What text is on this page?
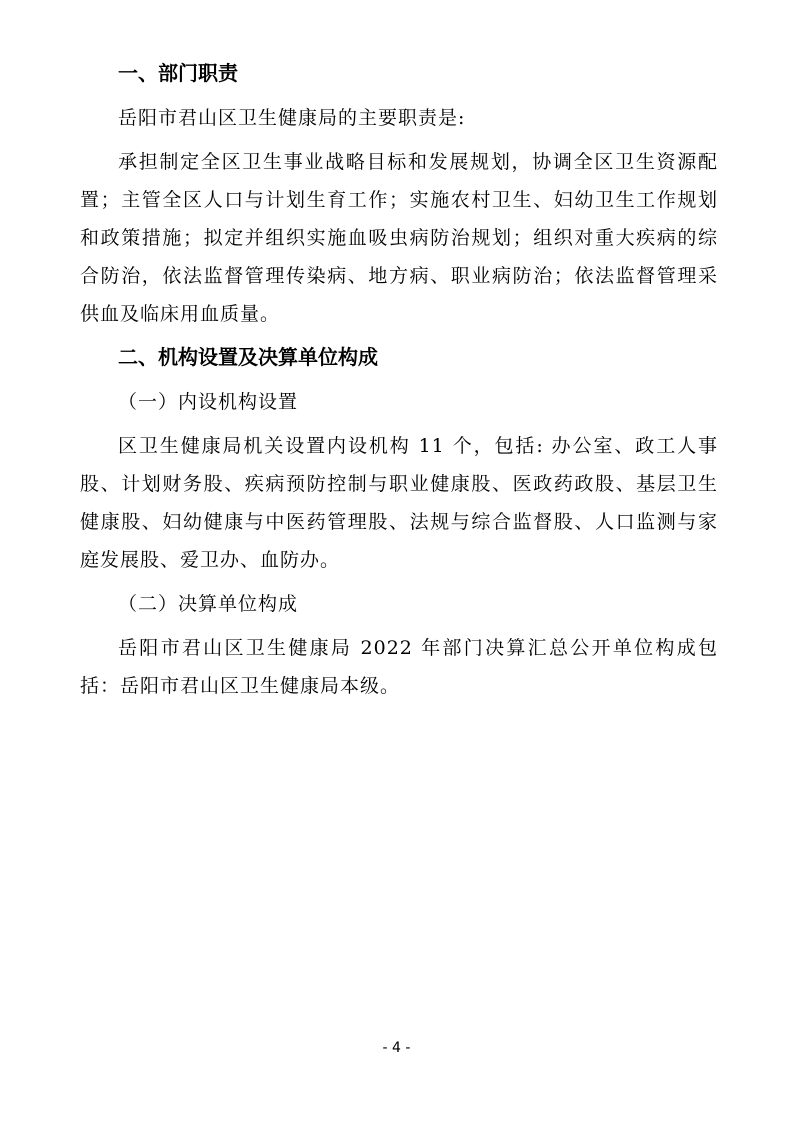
一、部门职责

岳阳市君山区卫生健康局的主要职责是:

承担制定全区卫生事业战略目标和发展规划，协调全区卫生资源配置；主管全区人口与计划生育工作；实施农村卫生、妇幼卫生工作规划和政策措施；拟定并组织实施血吸虫病防治规划；组织对重大疾病的综合防治，依法监督管理传染病、地方病、职业病防治；依法监督管理采供血及临床用血质量。

二、机构设置及决算单位构成
（一）内设机构设置

区卫生健康局机关设置内设机构 11 个，包括: 办公室、政工人事股、计划财务股、疾病预防控制与职业健康股、医政药政股、基层卫生健康股、妇幼健康与中医药管理股、法规与综合监督股、人口监测与家庭发展股、爱卫办、血防办。

（二）决算单位构成

岳阳市君山区卫生健康局 2022 年部门决算汇总公开单位构成包括：岳阳市君山区卫生健康局本级。

- 4 -
